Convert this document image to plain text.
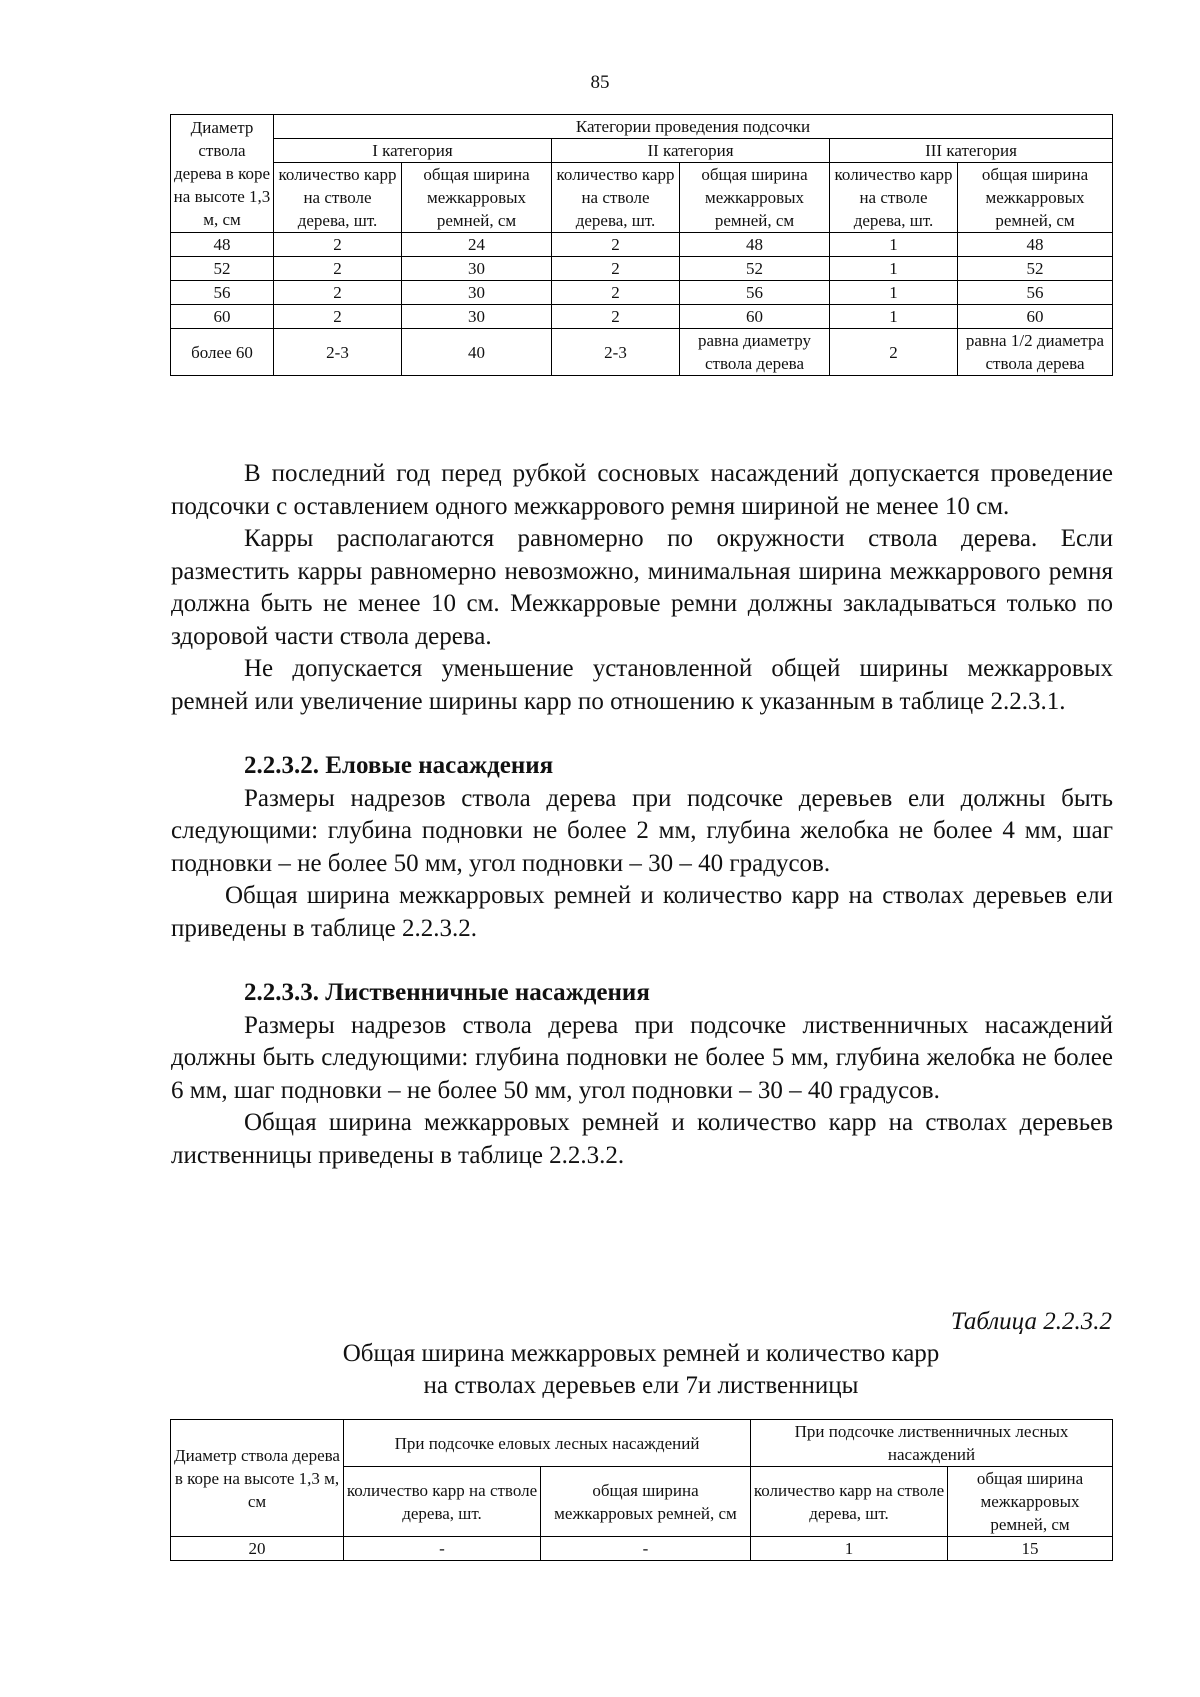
85
Диаметр ствола дерева в коре на высоте 1,3 м, см	Категории проведения подсочки					
	I категория		II категория		III категория	
	количество карр на стволе дерева, шт.	общая ширина межкарровых ремней, см	количество карр на стволе дерева, шт.	общая ширина межкарровых ремней, см	количество карр на стволе дерева, шт.	общая ширина межкарровых ремней, см
48	2	24	2	48	1	48
52	2	30	2	52	1	52
56	2	30	2	56	1	56
60	2	30	2	60	1	60
более 60	2-3	40	2-3	равна диаметру ствола дерева	2	равна 1/2 диаметра ствола дерева

В последний год перед рубкой сосновых насаждений допускается проведение подсочки с оставлением одного межкаррового ремня шириной не менее 10 см.

Карры располагаются равномерно по окружности ствола дерева. Если разместить карры равномерно невозможно, минимальная ширина межкаррового ремня должна быть не менее 10 см. Межкарровые ремни должны закладываться только по здоровой части ствола дерева.

Не допускается уменьшение установленной общей ширины межкарровых ремней или увеличение ширины карр по отношению к указанным в таблице 2.2.3.1.

2.2.3.2. Еловые насаждения

Размеры надрезов ствола дерева при подсочке деревьев ели должны быть следующими: глубина подновки не более 2 мм, глубина желобка не более 4 мм, шаг подновки – не более 50 мм, угол подновки – 30 – 40 градусов.

Общая ширина межкарровых ремней и количество карр на стволах деревьев ели приведены в таблице 2.2.3.2.

2.2.3.3. Лиственничные насаждения

Размеры надрезов ствола дерева при подсочке лиственничных насаждений должны быть следующими: глубина подновки не более 5 мм, глубина желобка не более 6 мм, шаг подновки – не более 50 мм, угол подновки – 30 – 40 градусов.

Общая ширина межкарровых ремней и количество карр на стволах деревьев лиственницы приведены в таблице 2.2.3.2.

Таблица 2.2.3.2
Общая ширина межкарровых ремней и количество карр
на стволах деревьев ели 7и лиственницы
Диаметр ствола дерева в коре на высоте 1,3 м, см	При подсочке еловых лесных насаждений		При подсочке лиственничных лесных насаждений	
	количество карр на стволе дерева, шт.	общая ширина межкарровых ремней, см	количество карр на стволе дерева, шт.	общая ширина межкарровых ремней, см
20	-	-	1	15
